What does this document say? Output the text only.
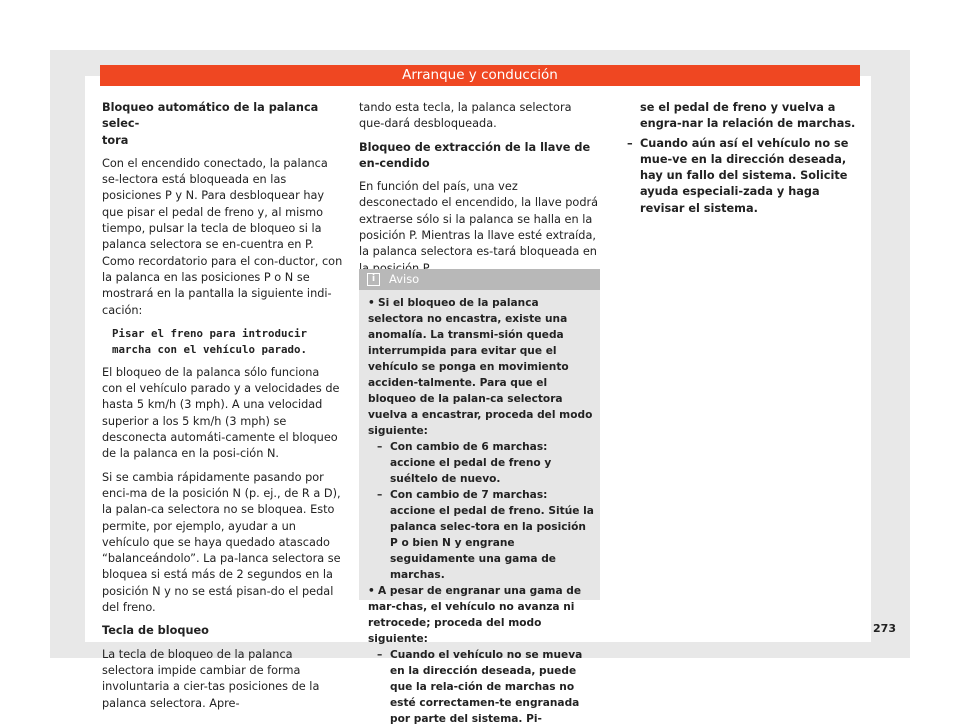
Arranque y conducción

Bloqueo automático de la palanca selec-
tora

Con el encendido conectado, la palanca se-lectora está bloqueada en las posiciones P y N. Para desbloquear hay que pisar el pedal de freno y, al mismo tiempo, pulsar la tecla de bloqueo si la palanca selectora se en-cuentra en P. Como recordatorio para el con-ductor, con la palanca en las posiciones P o N se mostrará en la pantalla la siguiente indi-cación:

Pisar el freno para introducir
marcha con el vehículo parado.

El bloqueo de la palanca sólo funciona con el vehículo parado y a velocidades de hasta 5 km/h (3 mph). A una velocidad superior a los 5 km/h (3 mph) se desconecta automáti-camente el bloqueo de la palanca en la posi-ción N.

Si se cambia rápidamente pasando por enci-ma de la posición N (p. ej., de R a D), la palan-ca selectora no se bloquea. Esto permite, por ejemplo, ayudar a un vehículo que se haya quedado atascado “balanceándolo”. La pa-lanca selectora se bloquea si está más de 2 segundos en la posición N y no se está pisan-do el pedal del freno.

Tecla de bloqueo

La tecla de bloqueo de la palanca selectora impide cambiar de forma involuntaria a cier-tas posiciones de la palanca selectora. Apre-

tando esta tecla, la palanca selectora que-dará desbloqueada.

Bloqueo de extracción de la llave de en-cendido

En función del país, una vez desconectado el encendido, la llave podrá extraerse sólo si la palanca se halla en la posición P. Mientras la llave esté extraída, la palanca selectora es-tará bloqueada en

i	Aviso

• Si el bloqueo de la palanca selectora no encastra, existe una anomalía. La transmi-sión queda interrumpida para evitar que el vehículo se ponga en movimiento acciden-talmente. Para que el bloqueo de la palan-ca selectora vuelva a encastrar, proceda del modo siguiente:

– Con cambio de 6 marchas: accione el pedal de freno y suéltelo de nuevo.

– Con cambio de 7 marchas: accione el pedal de freno. Sitúe la palanca selec-tora en la posición P o bien N y engrane seguidamente una gama de marchas.

• A pesar de engranar una gama de mar-chas, el vehículo no avanza ni retrocede; proceda del modo siguiente:

– Cuando el vehículo no se mueva en la dirección deseada, puede que la rela-ción de marchas no esté correctamen-te engranada por parte del sistema. Pi-

se el pedal de freno y vuelva a engra-nar la relación de marchas.

– Cuando aún así el vehículo no se mue-ve en la dirección deseada, hay un fallo del sistema. Solicite ayuda especiali-zada y haga revisar el sistema.

273
